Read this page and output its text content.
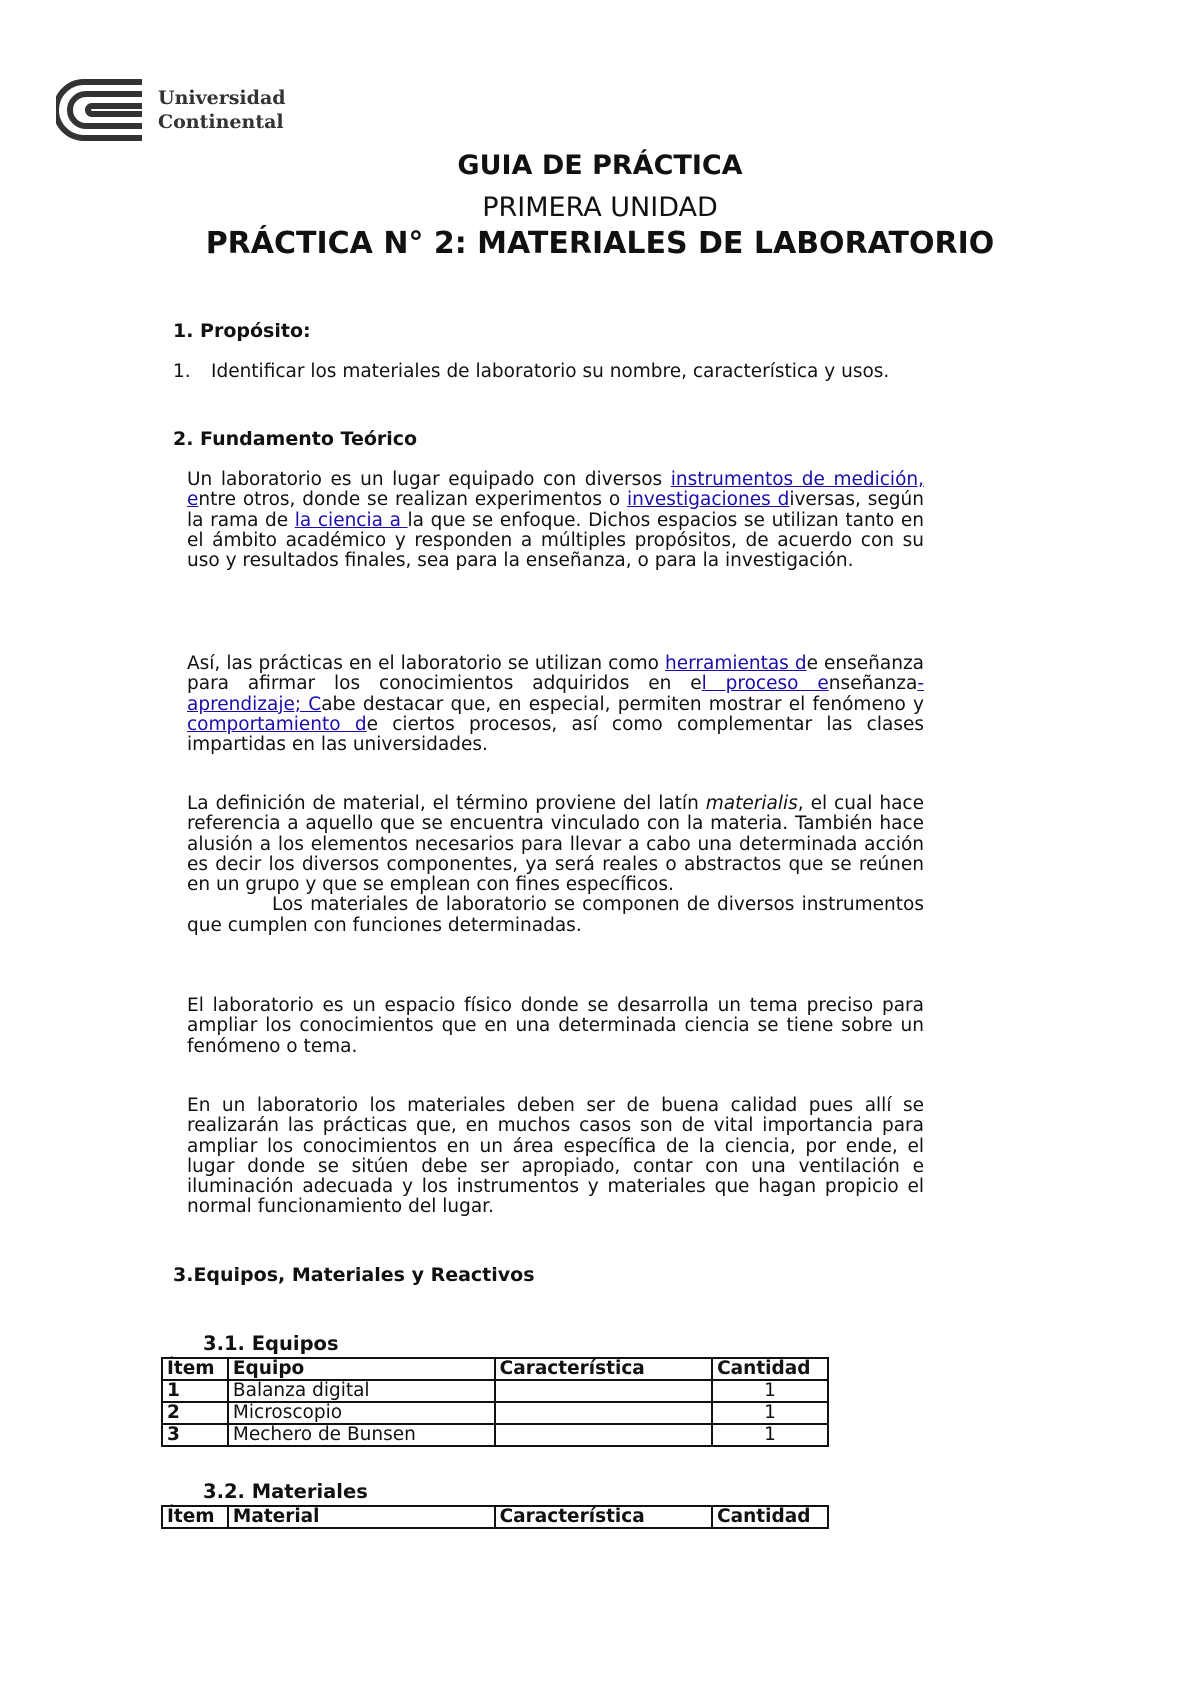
Universidad
Continental
GUIA DE PRÁCTICA
PRIMERA UNIDAD
PRÁCTICA N° 2: MATERIALES DE LABORATORIO
1. Propósito:
1. Identificar los materiales de laboratorio su nombre, característica y usos.
2. Fundamento Teórico
Un laboratorio es un lugar equipado con diversos instrumentos de medición, entre otros, donde se realizan experimentos o investigaciones diversas, según la rama de la ciencia a la que se enfoque. Dichos espacios se utilizan tanto en el ámbito académico y responden a múltiples propósitos, de acuerdo con su uso y resultados finales, sea para la enseñanza, o para la investigación.
Así, las prácticas en el laboratorio se utilizan como herramientas de enseñanza para afirmar los conocimientos adquiridos en el proceso enseñanza-aprendizaje; Cabe destacar que, en especial, permiten mostrar el fenómeno y comportamiento de ciertos procesos, así como complementar las clases impartidas en las universidades.
La definición de material, el término proviene del latín materialis, el cual hace referencia a aquello que se encuentra vinculado con la materia. También hace alusión a los elementos necesarios para llevar a cabo una determinada acción es decir los diversos componentes, ya será reales o abstractos que se reúnen en un grupo y que se emplean con fines específicos.
Los materiales de laboratorio se componen de diversos instrumentos que cumplen con funciones determinadas.
El laboratorio es un espacio físico donde se desarrolla un tema preciso para ampliar los conocimientos que en una determinada ciencia se tiene sobre un fenómeno o tema.
En un laboratorio los materiales deben ser de buena calidad pues allí se realizarán las prácticas que, en muchos casos son de vital importancia para ampliar los conocimientos en un área específica de la ciencia, por ende, el lugar donde se sitúen debe ser apropiado, contar con una ventilación e iluminación adecuada y los instrumentos y materiales que hagan propicio el normal funcionamiento del lugar.
3.Equipos, Materiales y Reactivos
3.1. Equipos
Ítem	Equipo	Característica	Cantidad
1	Balanza digital		1
2	Microscopio		1
3	Mechero de Bunsen		1
3.2. Materiales
Ítem	Material	Característica	Cantidad
